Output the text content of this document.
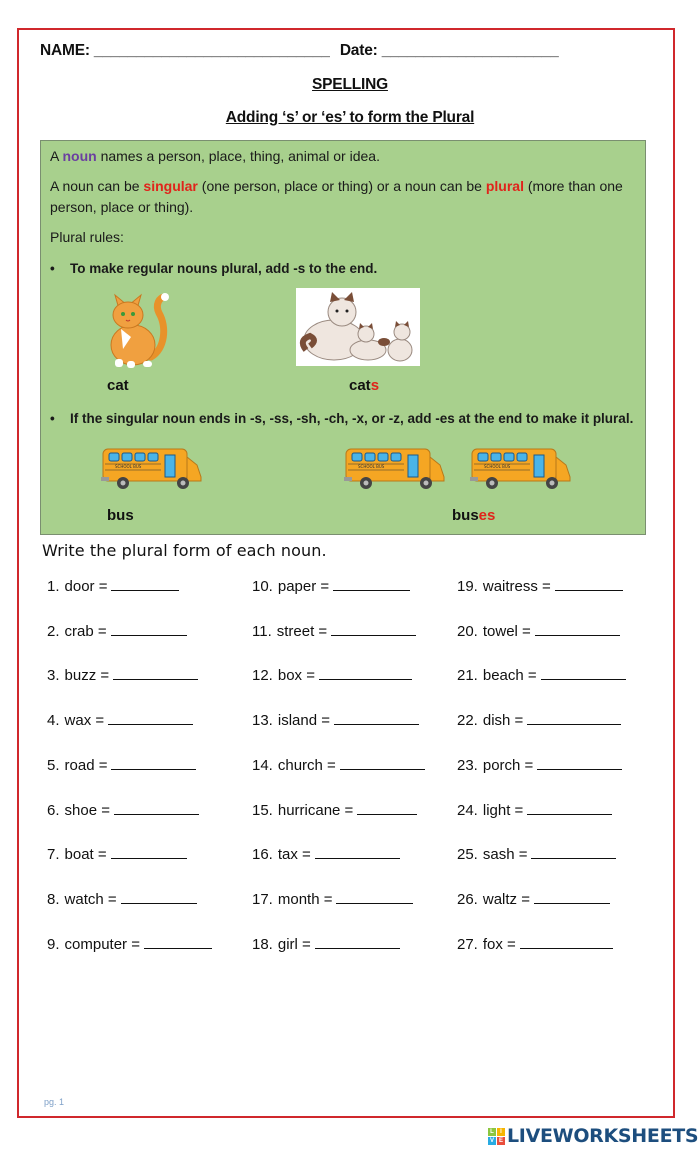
NAME: ____________________________ Date: _____________________
SPELLING
Adding ‘s’ or ‘es’ to form the Plural
A noun names a person, place, thing, animal or idea.
A noun can be singular (one person, place or thing) or a noun can be plural (more than one person, place or thing).
Plural rules:
• To make regular nouns plural, add -s to the end.
cat	cats
• If the singular noun ends in -s, -ss, -sh, -ch, -x, or -z, add -es at the end to make it plural.
SCHOOL BUS
bus
SCHOOL BUS	SCHOOL BUS
buses
Write the plural form of each noun.
1. door =
2. crab =
3. buzz =
4. wax =
5. road =
6. shoe =
7. boat =
8. watch =
9. computer =
10. paper =
11. street =
12. box =
13. island =
14. church =
15. hurricane =
16. tax =
17. month =
18. girl =
19. waitress =
20. towel =
21. beach =
22. dish =
23. porch =
24. light =
25. sash =
26. waltz =
27. fox =
pg. 1
L	I
V E LIVEWORKSHEETS
